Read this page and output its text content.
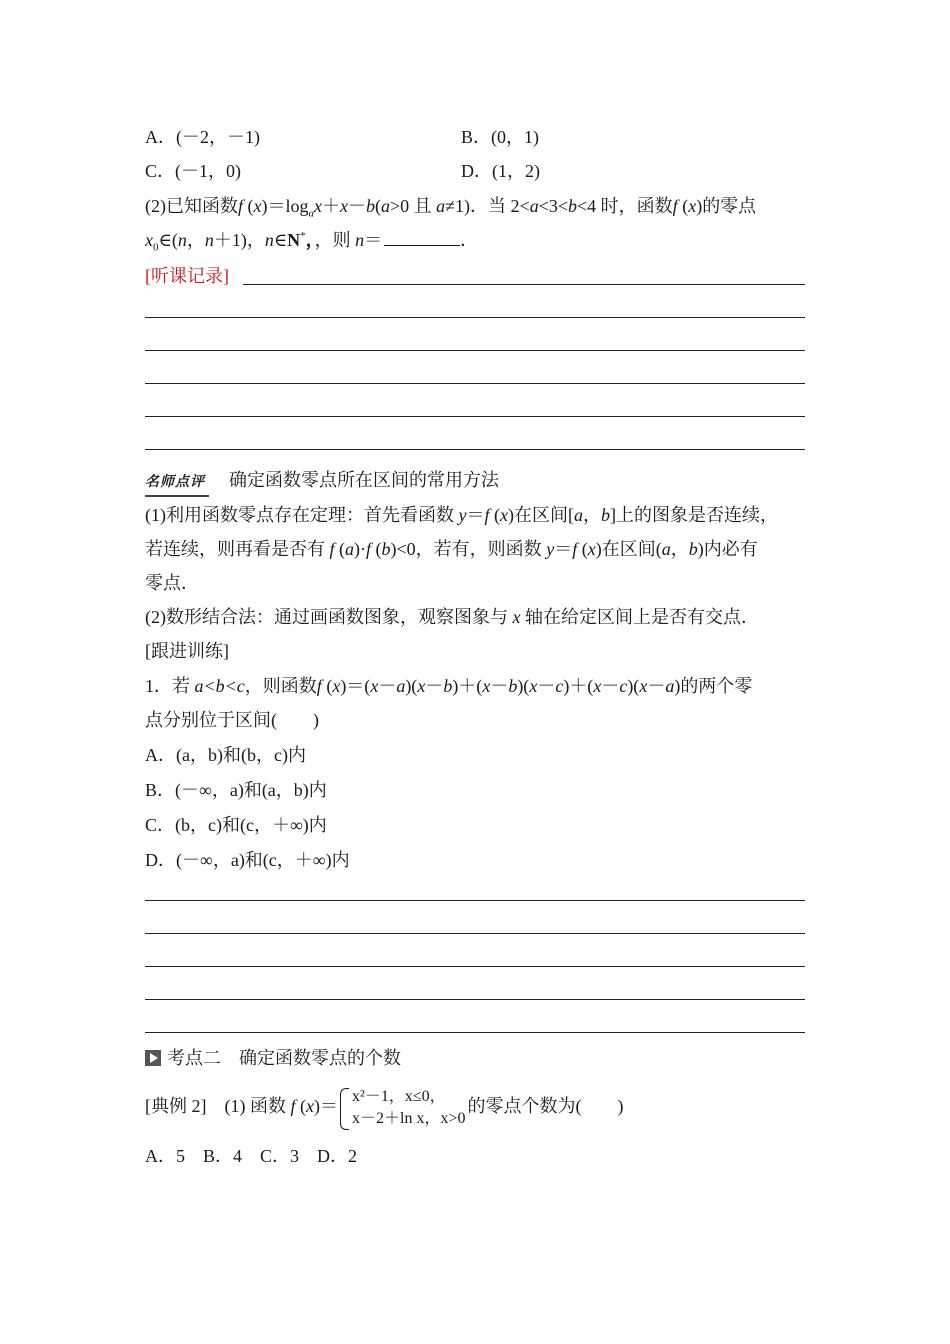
A．(－2，－1)	B．(0，1)
C．(－1，0)	D．(1，2)
(2)已知函数f $(x)=\log_ax+x-b(a>0$ 且 a≠1)．当 2<a<3<b<4 时，函数f (x)的零点
$x_0\in(n$，n＋1)，n∈N*，，则 n＝	．
[听课记录]
名师点评 确定函数零点所在区间的常用方法
(1)利用函数零点存在定理：首先看函数 y＝f (x)在区间[a，b]上的图象是否连续，
若连续，则再看是否有 f (a)·f (b)<0，若有，则函数 y＝f (x)在区间(a，b)内必有
零点．
(2)数形结合法：通过画函数图象，观察图象与 x 轴在给定区间上是否有交点．
[跟进训练]
1．若 a<b<c，则函数f (x)＝(x－a)(x－b)＋(x－b)(x－c)＋(x－c)(x－a)的两个零
点分别位于区间(　　)
A．(a，b)和(b，c)内
B．(－∞，a)和(a，b)内
C．(b，c)和(c，＋∞)内
D．(－∞，a)和(c，＋∞)内
考点二　确定函数零点的个数
[典例 2]　 (1) 函数 f (x)＝ x²－1，x≤0，
x－2＋ln x，x>0
的零点个数为(　　)
A．5　B．4　C．3　D．2
